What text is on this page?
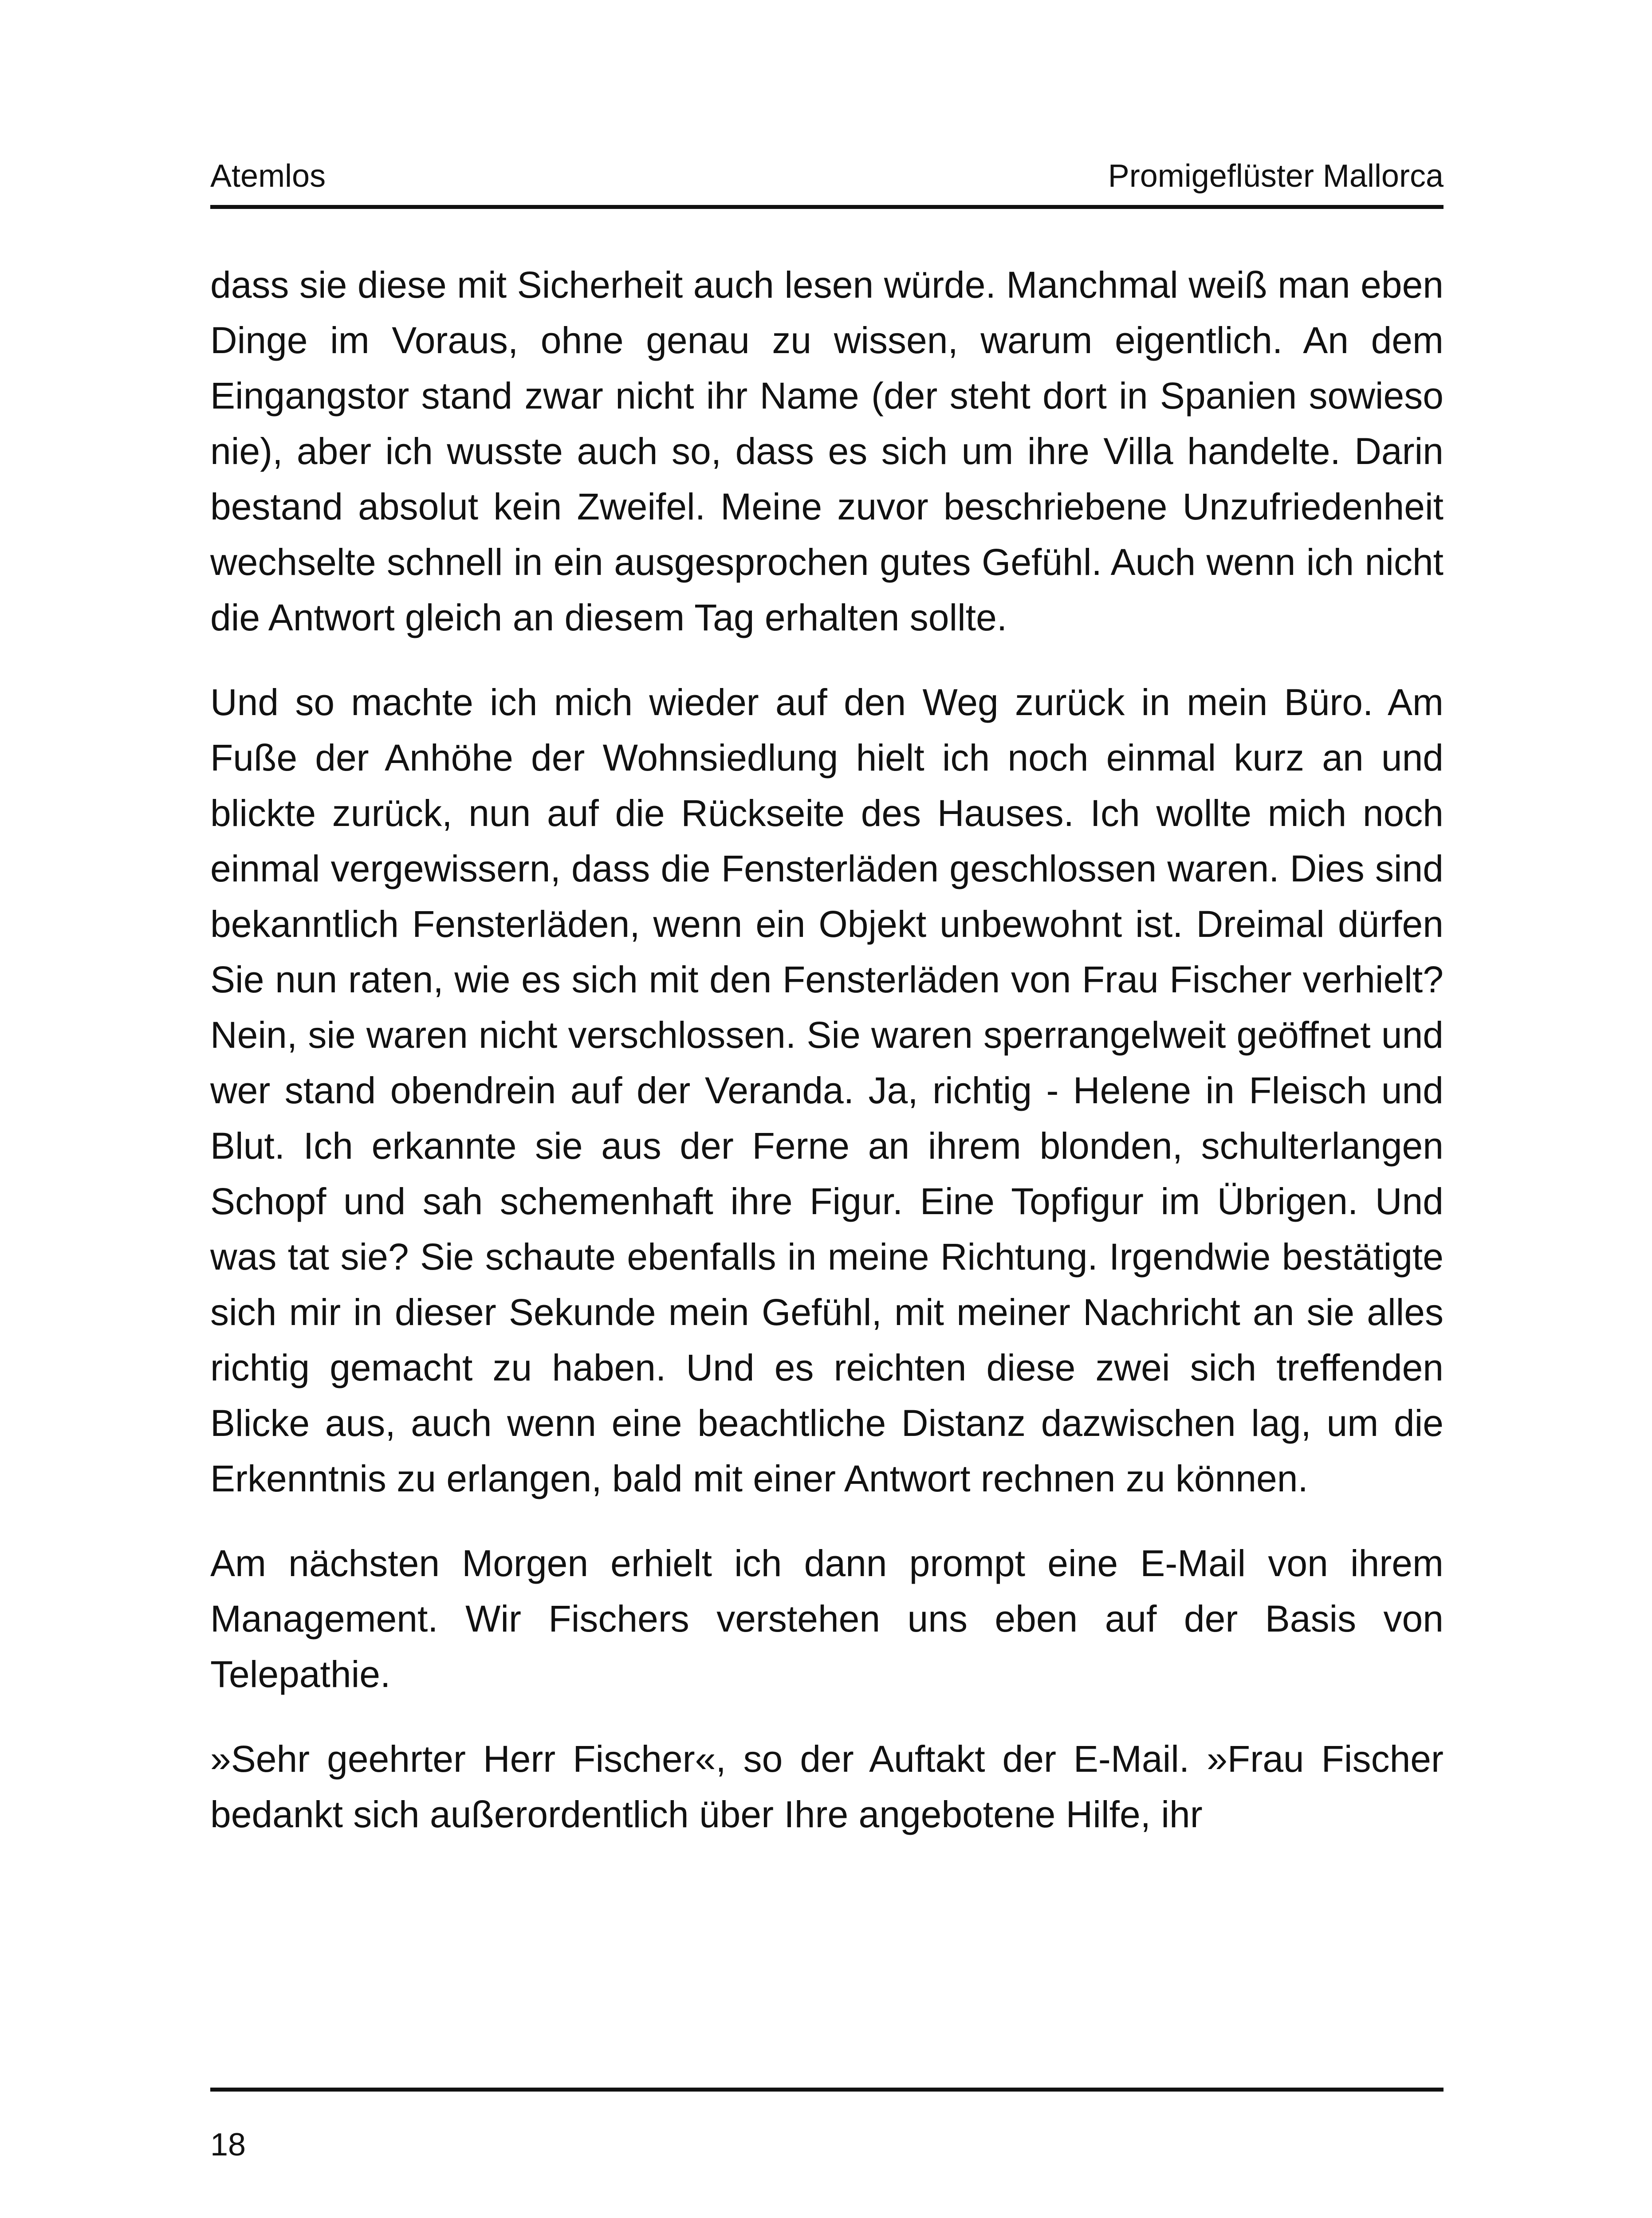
Atemlos	Promigeflüster Mallorca

dass sie diese mit Sicherheit auch lesen würde. Manchmal weiß man eben Dinge im Voraus, ohne genau zu wissen, warum eigentlich. An dem Eingangstor stand zwar nicht ihr Name (der steht dort in Spanien sowieso nie), aber ich wusste auch so, dass es sich um ihre Villa handelte. Darin bestand absolut kein Zweifel. Meine zuvor beschriebene Unzufriedenheit wechselte schnell in ein ausgesprochen gutes Gefühl. Auch wenn ich nicht die Antwort gleich an diesem Tag erhalten sollte.

Und so machte ich mich wieder auf den Weg zurück in mein Büro. Am Fuße der Anhöhe der Wohnsiedlung hielt ich noch einmal kurz an und blickte zurück, nun auf die Rückseite des Hauses. Ich wollte mich noch einmal vergewissern, dass die Fensterläden geschlossen waren. Dies sind bekanntlich Fensterläden, wenn ein Objekt unbewohnt ist. Dreimal dürfen Sie nun raten, wie es sich mit den Fensterläden von Frau Fischer verhielt? Nein, sie waren nicht verschlossen. Sie waren sperrangelweit geöffnet und wer stand obendrein auf der Veranda. Ja, richtig - Helene in Fleisch und Blut. Ich erkannte sie aus der Ferne an ihrem blonden, schulterlangen Schopf und sah schemenhaft ihre Figur. Eine Topfigur im Übrigen. Und was tat sie? Sie schaute ebenfalls in meine Richtung. Irgendwie bestätigte sich mir in dieser Sekunde mein Gefühl, mit meiner Nachricht an sie alles richtig gemacht zu haben. Und es reichten diese zwei sich treffenden Blicke aus, auch wenn eine beachtliche Distanz dazwischen lag, um die Erkenntnis zu erlangen, bald mit einer Antwort rechnen zu können.

Am nächsten Morgen erhielt ich dann prompt eine E-Mail von ihrem Management. Wir Fischers verstehen uns eben auf der Basis von Telepathie.

»Sehr geehrter Herr Fischer«, so der Auftakt der E-Mail. »Frau Fischer bedankt sich außerordentlich über Ihre angebotene Hilfe, ihr

18
